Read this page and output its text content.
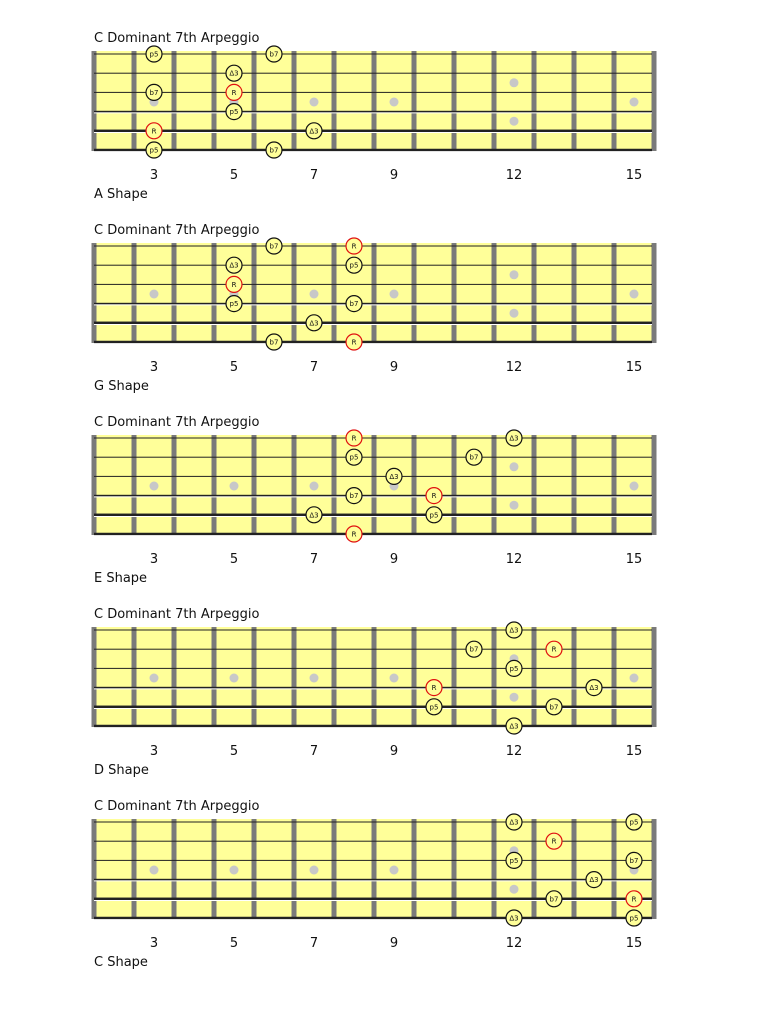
C Dominant 7th Arpeggio
p5	b7
Δ3
b7	R
p5
R	Δ3
p5	b7
3	5	7	9	12	15
A Shape
C Dominant 7th Arpeggio
b7	R
Δ3	p5
R
p5	b7
Δ3
b7	R
3	5	7	9	12	15
G Shape
C Dominant 7th Arpeggio
R	Δ3
p5	b7
Δ3
b7	R
Δ3	p5
R
3	5	7	9	12	15
E Shape
C Dominant 7th Arpeggio
Δ3
b7	R
p5
R	Δ3
p5	b7
Δ3
3	5	7	9	12	15
D Shape
C Dominant 7th Arpeggio
Δ3	p5
R
p5	b7
Δ3
b7	R
Δ3	p5
3	5	7	9	12	15
C Shape
